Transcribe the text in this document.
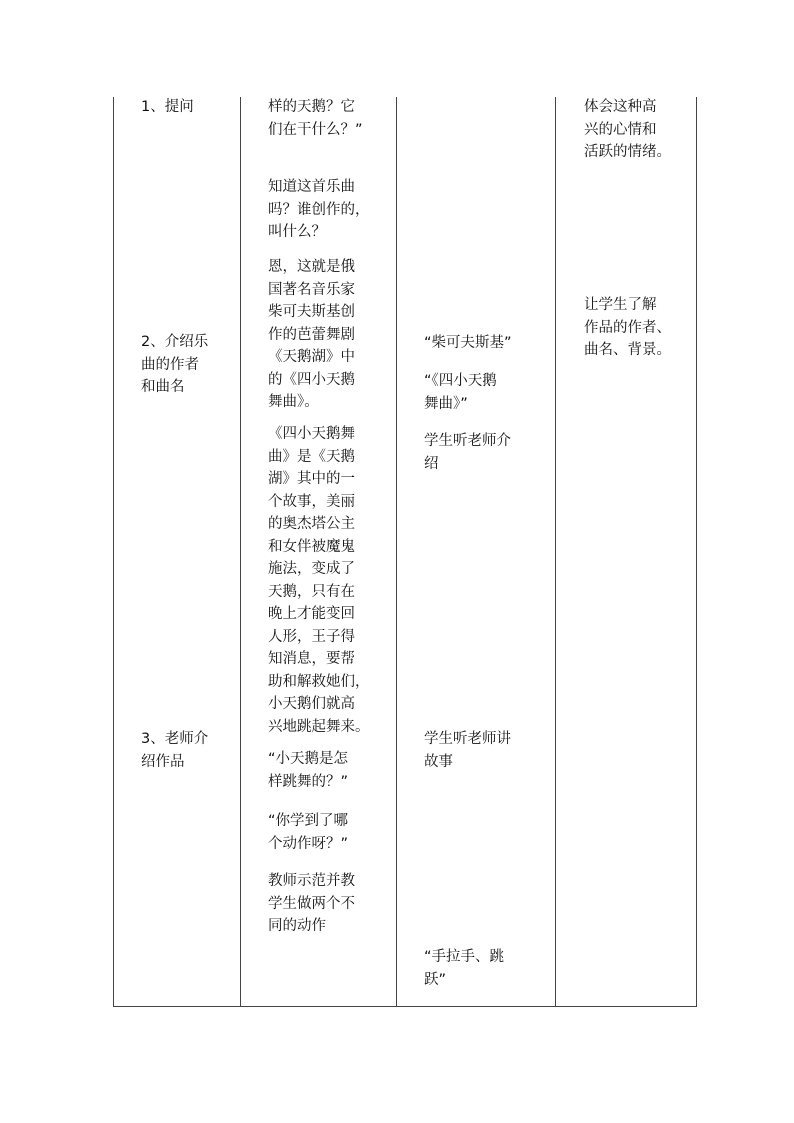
1、提问
2、介绍乐
曲的作者
和曲名
3、老师介
绍作品
样的天鹅？它
们在干什么？”
知道这首乐曲
吗？谁创作的，
叫什么？
恩，这就是俄
国著名音乐家
柴可夫斯基创
作的芭蕾舞剧
《天鹅湖》中
的《四小天鹅
舞曲》。
《四小天鹅舞
曲》是《天鹅
湖》其中的一
个故事，美丽
的奥杰塔公主
和女伴被魔鬼
施法，变成了
天鹅，只有在
晚上才能变回
人形，王子得
知消息，要帮
助和解救她们，
小天鹅们就高
兴地跳起舞来。
“小天鹅是怎
样跳舞的？”
“你学到了哪
个动作呀？”
教师示范并教
学生做两个不
同的动作
“柴可夫斯基”
“《四小天鹅
舞曲》”
学生听老师介
绍
学生听老师讲
故事
“手拉手、跳
跃”
体会这种高
兴的心情和
活跃的情绪。
让学生了解
作品的作者、
曲名、背景。
